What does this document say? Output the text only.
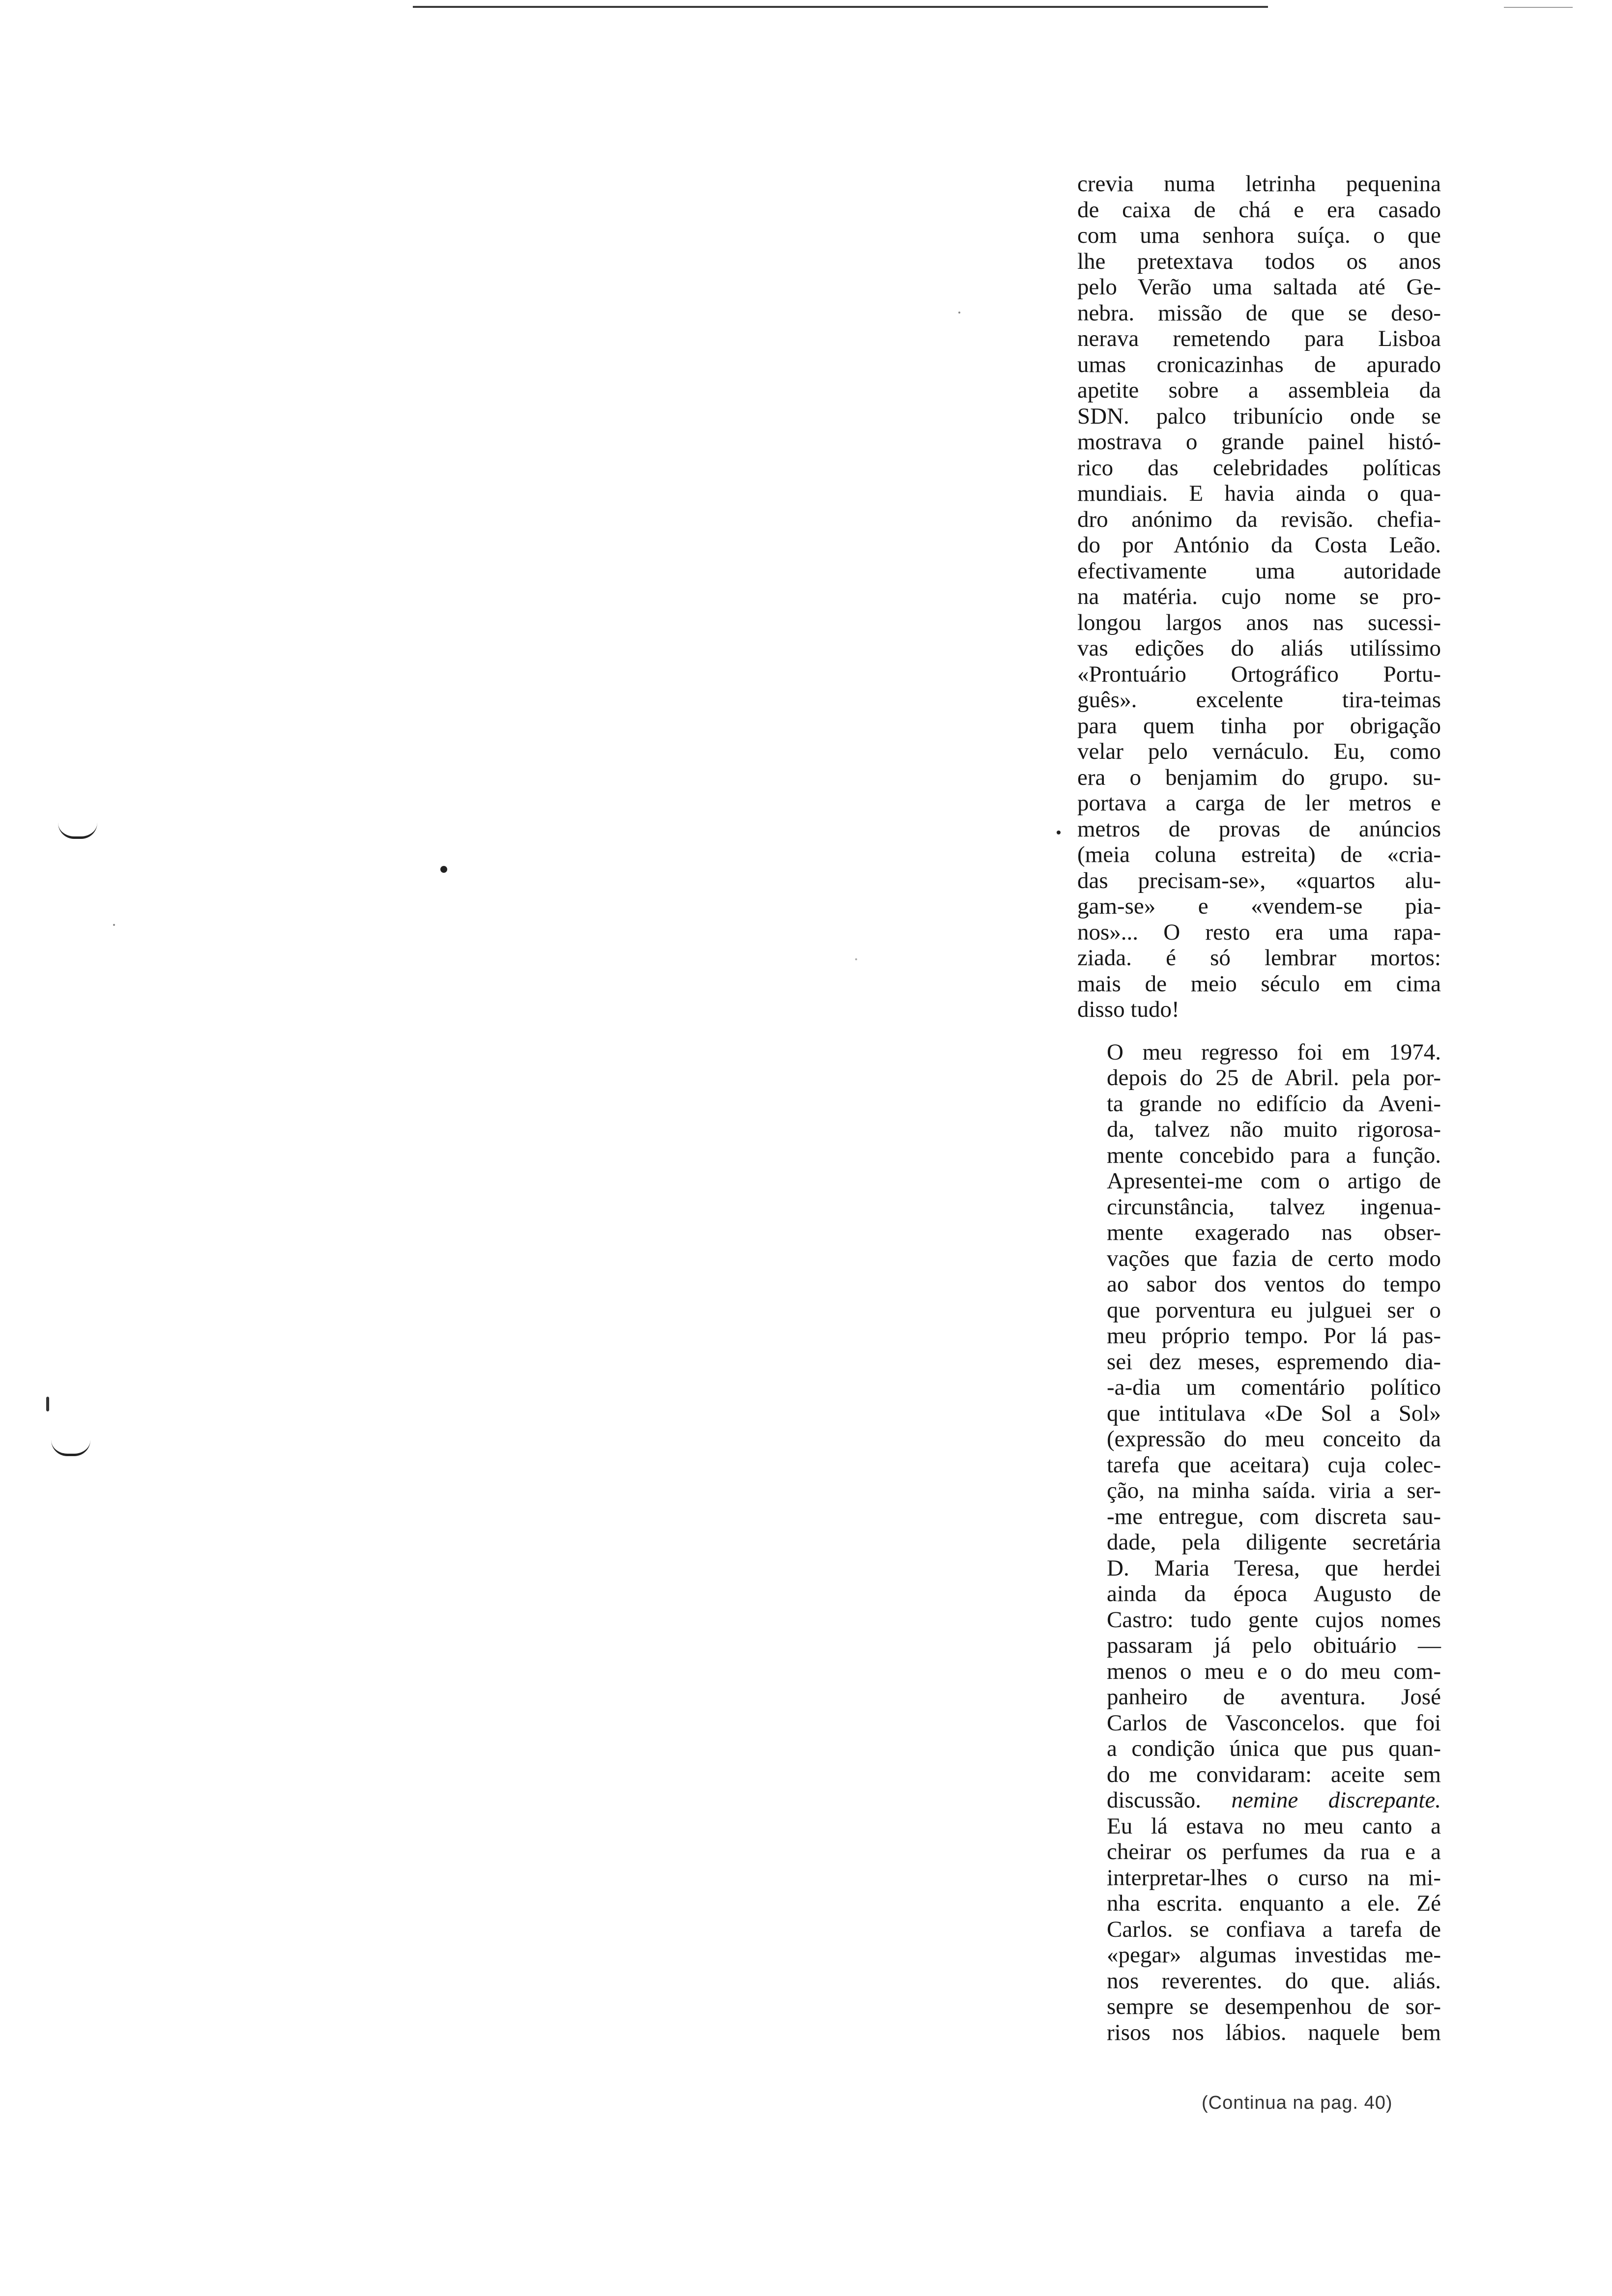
crevia numa letrinha pequenina
de caixa de chá e era casado
com uma senhora suíça. o que
lhe pretextava todos os anos
pelo Verão uma saltada até Ge-
nebra. missão de que se deso-
nerava remetendo para Lisboa
umas cronicazinhas de apurado
apetite sobre a assembleia da
SDN. palco tribunício onde se
mostrava o grande painel histó-
rico das celebridades políticas
mundiais. E havia ainda o qua-
dro anónimo da revisão. chefia-
do por António da Costa Leão.
efectivamente uma autoridade
na matéria. cujo nome se pro-
longou largos anos nas sucessi-
vas edições do aliás utilíssimo
«Prontuário Ortográfico Portu-
guês». excelente tira-teimas
para quem tinha por obrigação
velar pelo vernáculo. Eu, como
era o benjamim do grupo. su-
portava a carga de ler metros e
metros de provas de anúncios
(meia coluna estreita) de «cria-
das precisam-se», «quartos alu-
gam-se» e «vendem-se pia-
nos»... O resto era uma rapa-
ziada. é só lembrar mortos:
mais de meio século em cima
disso tudo!

O meu regresso foi em 1974.
depois do 25 de Abril. pela por-
ta grande no edifício da Aveni-
da, talvez não muito rigorosa-
mente concebido para a função.
Apresentei-me com o artigo de
circunstância, talvez ingenua-
mente exagerado nas obser-
vações que fazia de certo modo
ao sabor dos ventos do tempo
que porventura eu julguei ser o
meu próprio tempo. Por lá pas-
sei dez meses, espremendo dia-
-a-dia um comentário político
que intitulava «De Sol a Sol»
(expressão do meu conceito da
tarefa que aceitara) cuja colec-
ção, na minha saída. viria a ser-
-me entregue, com discreta sau-
dade, pela diligente secretária
D. Maria Teresa, que herdei
ainda da época Augusto de
Castro: tudo gente cujos nomes
passaram já pelo obituário —
menos o meu e o do meu com-
panheiro de aventura. José
Carlos de Vasconcelos. que foi
a condição única que pus quan-
do me convidaram: aceite sem
discussão. nemine discrepante.
Eu lá estava no meu canto a
cheirar os perfumes da rua e a
interpretar-lhes o curso na mi-
nha escrita. enquanto a ele. Zé
Carlos. se confiava a tarefa de
«pegar» algumas investidas me-
nos reverentes. do que. aliás.
sempre se desempenhou de sor-
risos nos lábios. naquele bem

(Continua na pag. 40)
